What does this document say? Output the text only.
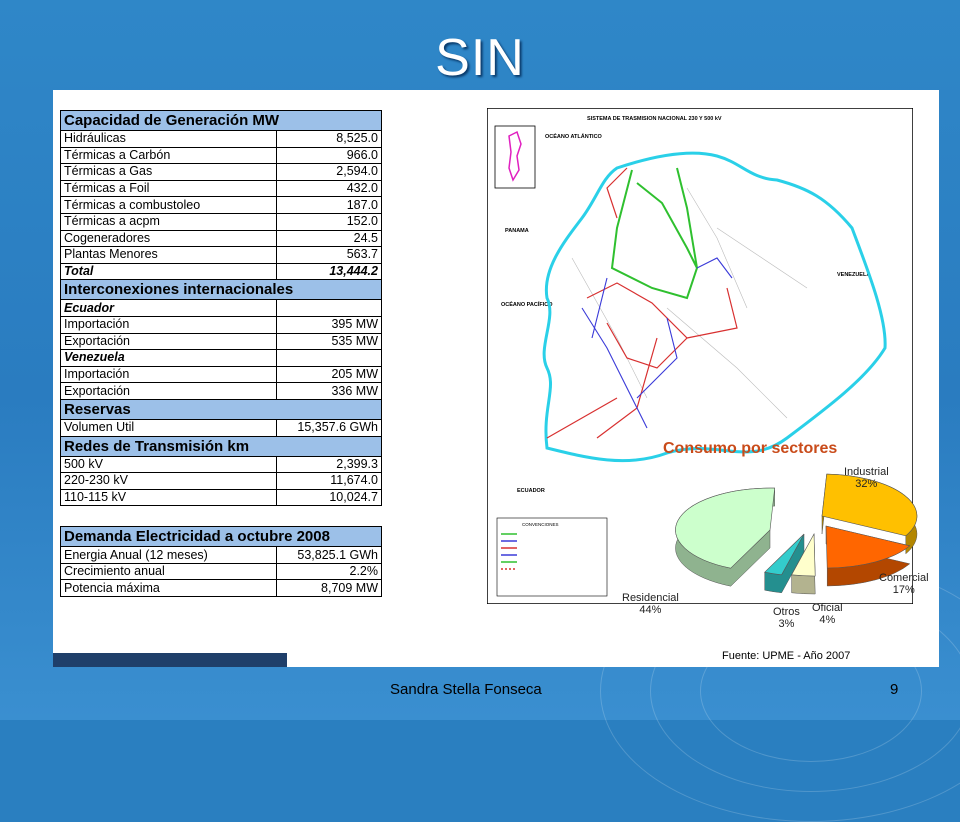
SIN
Capacidad de Generación MW	
Hidráulicas	8,525.0
Térmicas a Carbón	966.0
Térmicas a Gas	2,594.0
Térmicas a Foil	432.0
Térmicas a combustoleo	187.0
Térmicas a acpm	152.0
Cogeneradores	24.5
Plantas Menores	563.7
Total	13,444.2
Interconexiones internacionales	
Ecuador	
Importación	395 MW
Exportación	535 MW
Venezuela	
Importación	205 MW
Exportación	336 MW
Reservas	
Volumen Util	15,357.6 GWh
Redes de Transmisión km	
500 kV	2,399.3
220-230 kV	11,674.0
110-115 kV	10,024.7

Demanda Electricidad a octubre 2008	
Energia Anual (12 meses)	53,825.1 GWh
Crecimiento anual	2.2%
Potencia máxima	8,709 MW
SISTEMA DE TRASMISION NACIONAL 230 Y 500 kV
OCÉANO ATLÁNTICO
PANAMA
OCÉANO PACÍFICO
VENEZUELA
ECUADOR
CONVENCIONES
Consumo por sectores
Industrial
32%
Comercial
17%
Oficial
4%
Otros
3%
Residencial
44%
Fuente: UPME - Año 2007
Sandra Stella Fonseca	9
